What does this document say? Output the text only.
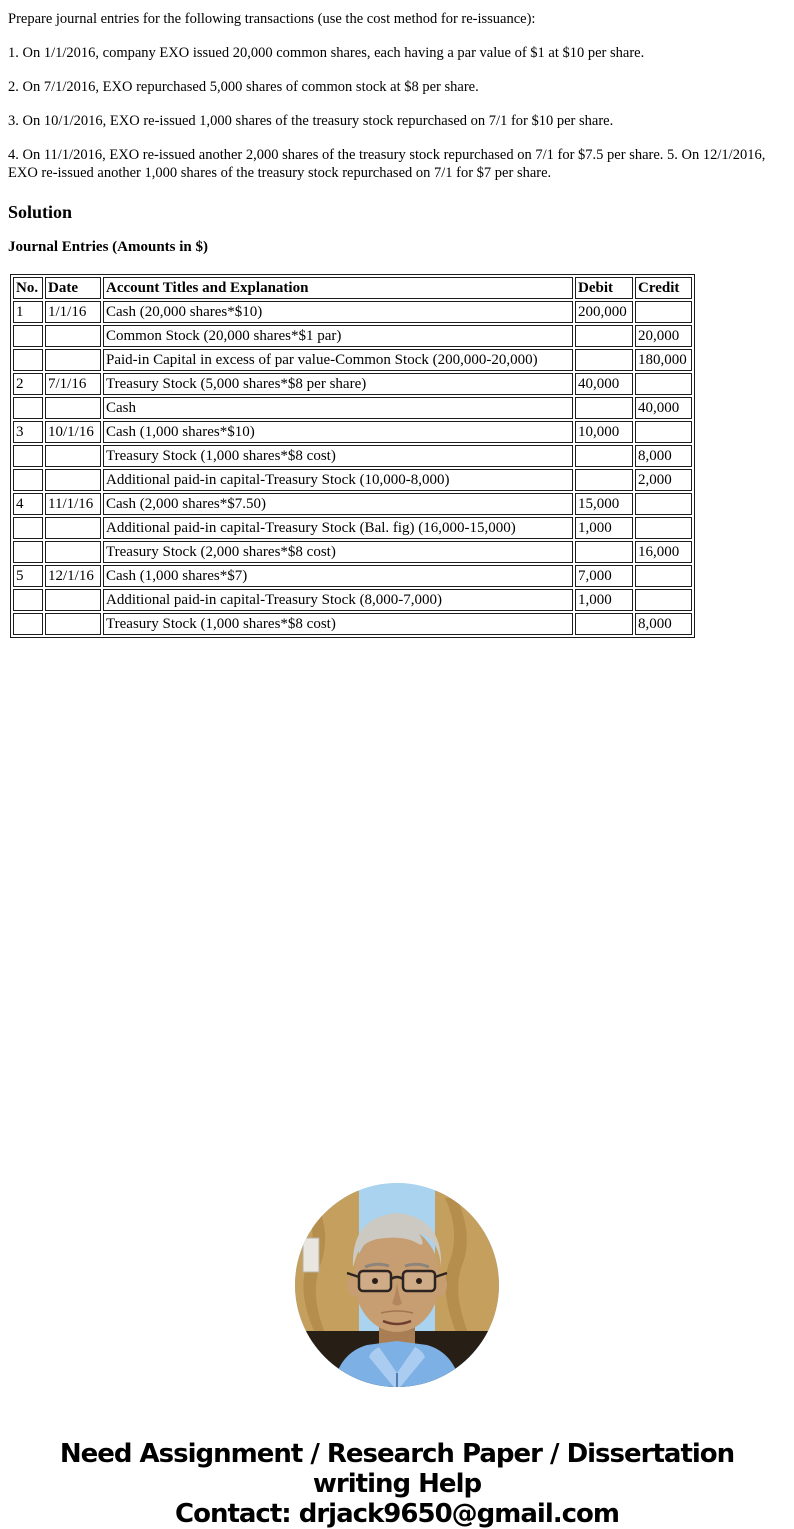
Prepare journal entries for the following transactions (use the cost method for re-issuance):

1. On 1/1/2016, company EXO issued 20,000 common shares, each having a par value of $1 at $10 per share.

2. On 7/1/2016, EXO repurchased 5,000 shares of common stock at $8 per share.

3. On 10/1/2016, EXO re-issued 1,000 shares of the treasury stock repurchased on 7/1 for $10 per share.

4. On 11/1/2016, EXO re-issued another 2,000 shares of the treasury stock repurchased on 7/1 for $7.5 per share. 5. On 12/1/2016, EXO re-issued another 1,000 shares of the treasury stock repurchased on 7/1 for $7 per share.

Solution
Journal Entries (Amounts in $)
No.	Date	Account Titles and Explanation	Debit	Credit
1	1/1/16	Cash (20,000 shares*$10)	200,000	
		Common Stock (20,000 shares*$1 par)		20,000
		Paid-in Capital in excess of par value-Common Stock (200,000-20,000)		180,000
2	7/1/16	Treasury Stock (5,000 shares*$8 per share)	40,000	
		Cash		40,000
3	10/1/16	Cash (1,000 shares*$10)	10,000	
		Treasury Stock (1,000 shares*$8 cost)		8,000
		Additional paid-in capital-Treasury Stock (10,000-8,000)		2,000
4	11/1/16	Cash (2,000 shares*$7.50)	15,000	
		Additional paid-in capital-Treasury Stock (Bal. fig) (16,000-15,000)	1,000	
		Treasury Stock (2,000 shares*$8 cost)		16,000
5	12/1/16	Cash (1,000 shares*$7)	7,000	
		Additional paid-in capital-Treasury Stock (8,000-7,000)	1,000	
		Treasury Stock (1,000 shares*$8 cost)		8,000
Need Assignment / Research Paper / Dissertation
writing Help
Contact: drjack9650@gmail.com
